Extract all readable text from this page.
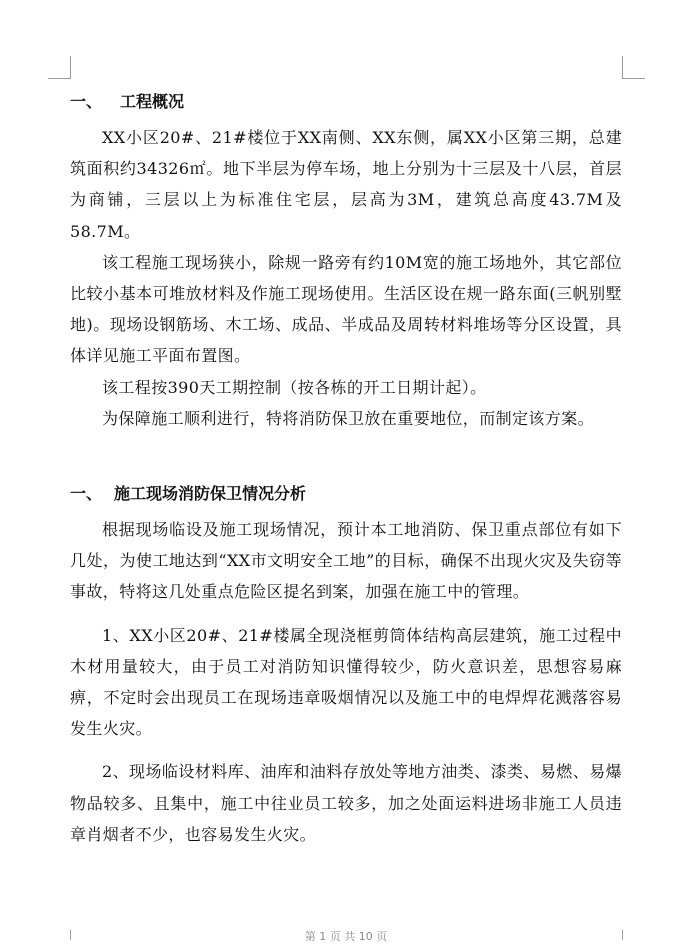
一、 工程概况

XX小区20#、21#楼位于XX南侧、XX东侧，属XX小区第三期，总建筑面积约34326㎡。地下半层为停车场，地上分别为十三层及十八层，首层为商铺，三层以上为标准住宅层，层高为3M，建筑总高度43.7M及58.7M。

该工程施工现场狭小，除规一路旁有约10M宽的施工场地外，其它部位比较小基本可堆放材料及作施工现场使用。生活区设在规一路东面(三帆别墅地)。现场设钢筋场、木工场、成品、半成品及周转材料堆场等分区设置，具体详见施工平面布置图。

该工程按390天工期控制（按各栋的开工日期计起）。

为保障施工顺利进行，特将消防保卫放在重要地位，而制定该方案。

一、 施工现场消防保卫情况分析

根据现场临设及施工现场情况，预计本工地消防、保卫重点部位有如下几处，为使工地达到“XX市文明安全工地”的目标，确保不出现火灾及失窃等事故，特将这几处重点危险区提名到案，加强在施工中的管理。

1、XX小区20#、21#楼属全现浇框剪筒体结构高层建筑，施工过程中木材用量较大，由于员工对消防知识懂得较少，防火意识差，思想容易麻痹，不定时会出现员工在现场违章吸烟情况以及施工中的电焊焊花溅落容易发生火灾。

2、现场临设材料库、油库和油料存放处等地方油类、漆类、易燃、易爆物品较多、且集中，施工中往业员工较多，加之处面运料进场非施工人员违章肖烟者不少，也容易发生火灾。

第 1 页 共 10 页
